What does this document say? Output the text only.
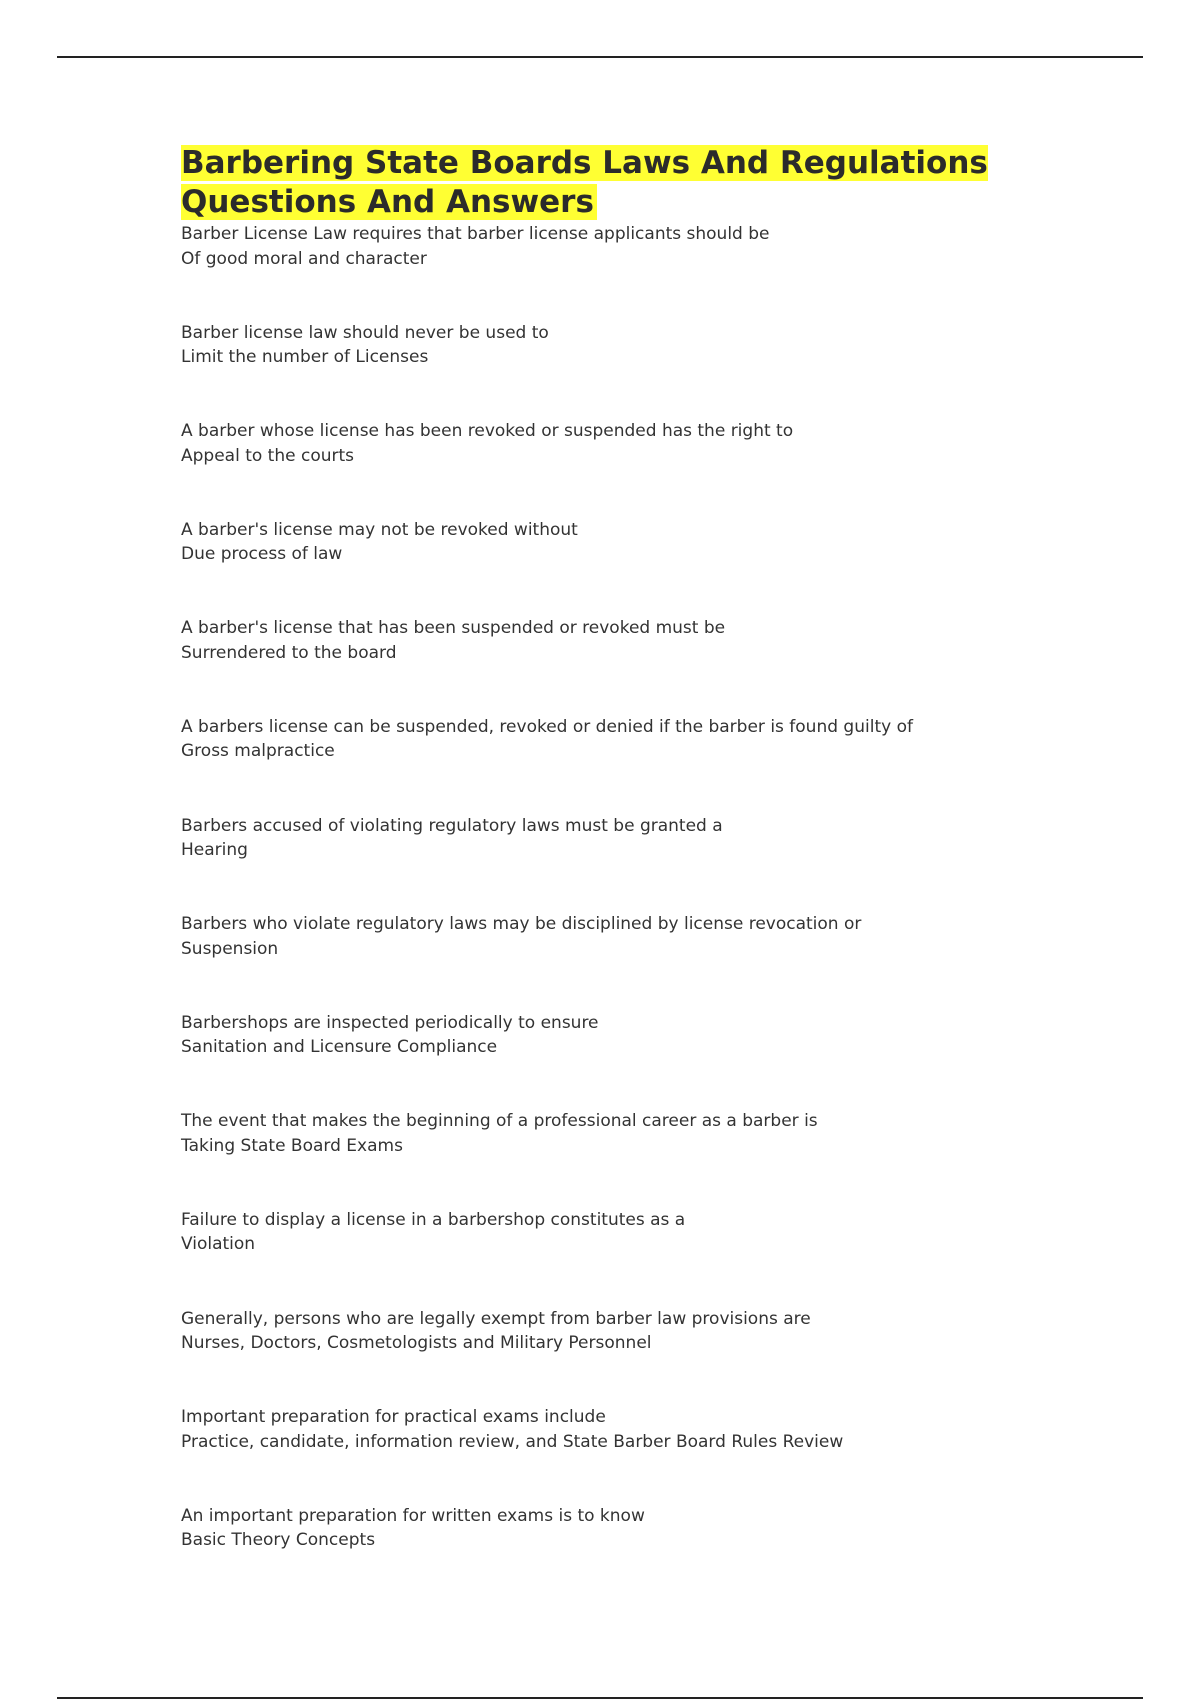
Barbering State Boards Laws And Regulations Questions And Answers
Barber License Law requires that barber license applicants should be
Of good moral and character
Barber license law should never be used to
Limit the number of Licenses
A barber whose license has been revoked or suspended has the right to
Appeal to the courts
A barber's license may not be revoked without
Due process of law
A barber's license that has been suspended or revoked must be
Surrendered to the board
A barbers license can be suspended, revoked or denied if the barber is found guilty of
Gross malpractice
Barbers accused of violating regulatory laws must be granted a
Hearing
Barbers who violate regulatory laws may be disciplined by license revocation or
Suspension
Barbershops are inspected periodically to ensure
Sanitation and Licensure Compliance
The event that makes the beginning of a professional career as a barber is
Taking State Board Exams
Failure to display a license in a barbershop constitutes as a
Violation
Generally, persons who are legally exempt from barber law provisions are
Nurses, Doctors, Cosmetologists and Military Personnel
Important preparation for practical exams include
Practice, candidate, information review, and State Barber Board Rules Review
An important preparation for written exams is to know
Basic Theory Concepts
